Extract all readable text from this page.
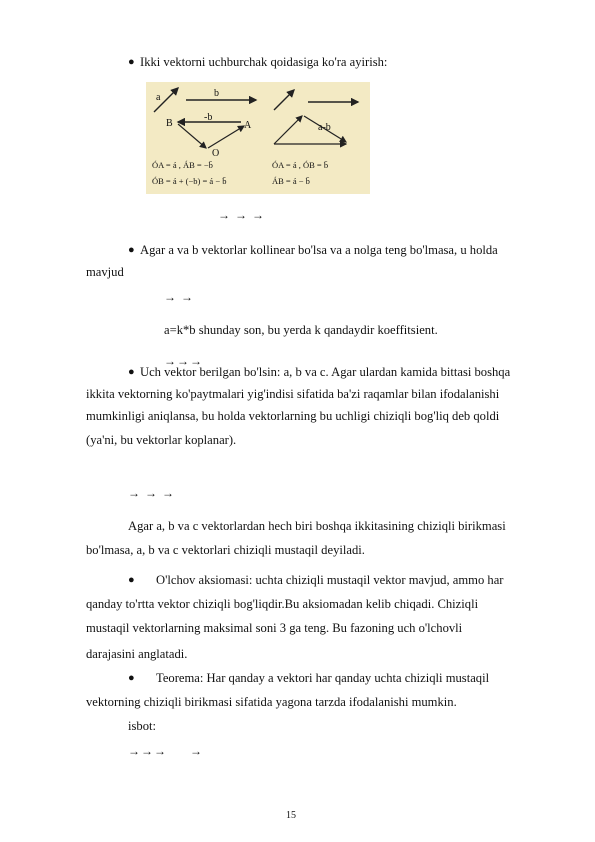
● Ikki vektorni uchburchak qoidasiga ko'ra ayirish:
a	b
B	A
O
-b
a-b
ÓA = á , ÁB = −b̄
ÓB = á + (−b) = á − b̄
ÓA = á , ÓB = b̄
ÁB = á − b̄
→ → →
● Agar a va b vektorlar kollinear bo'lsa va a nolga teng bo'lmasa, u holda
mavjud
→ →
a=k*b shunday son, bu yerda k qandaydir koeffitsient.
→→→
● Uch vektor berilgan bo'lsin: a, b va c. Agar ulardan kamida bittasi boshqa
ikkita vektorning ko'paytmalari yig'indisi sifatida ba'zi raqamlar bilan ifodalanishi
mumkinligi aniqlansa, bu holda vektorlarning bu uchligi chiziqli bog'liq deb qoldi
(ya'ni, bu vektorlar koplanar).
→ → →
Agar a, b va c vektorlardan hech biri boshqa ikkitasining chiziqli birikmasi
bo'lmasa, a, b va c vektorlari chiziqli mustaqil deyiladi.
● O'lchov aksiomasi: uchta chiziqli mustaqil vektor mavjud, ammo har
qanday to'rtta vektor chiziqli bog'liqdir.Bu aksiomadan kelib chiqadi. Chiziqli
mustaqil vektorlarning maksimal soni 3 ga teng. Bu fazoning uch o'lchovli
darajasini anglatadi.
● Teorema: Har qanday a vektori har qanday uchta chiziqli mustaqil
vektorning chiziqli birikmasi sifatida yagona tarzda ifodalanishi mumkin.
isbot:
→→→ →
15
